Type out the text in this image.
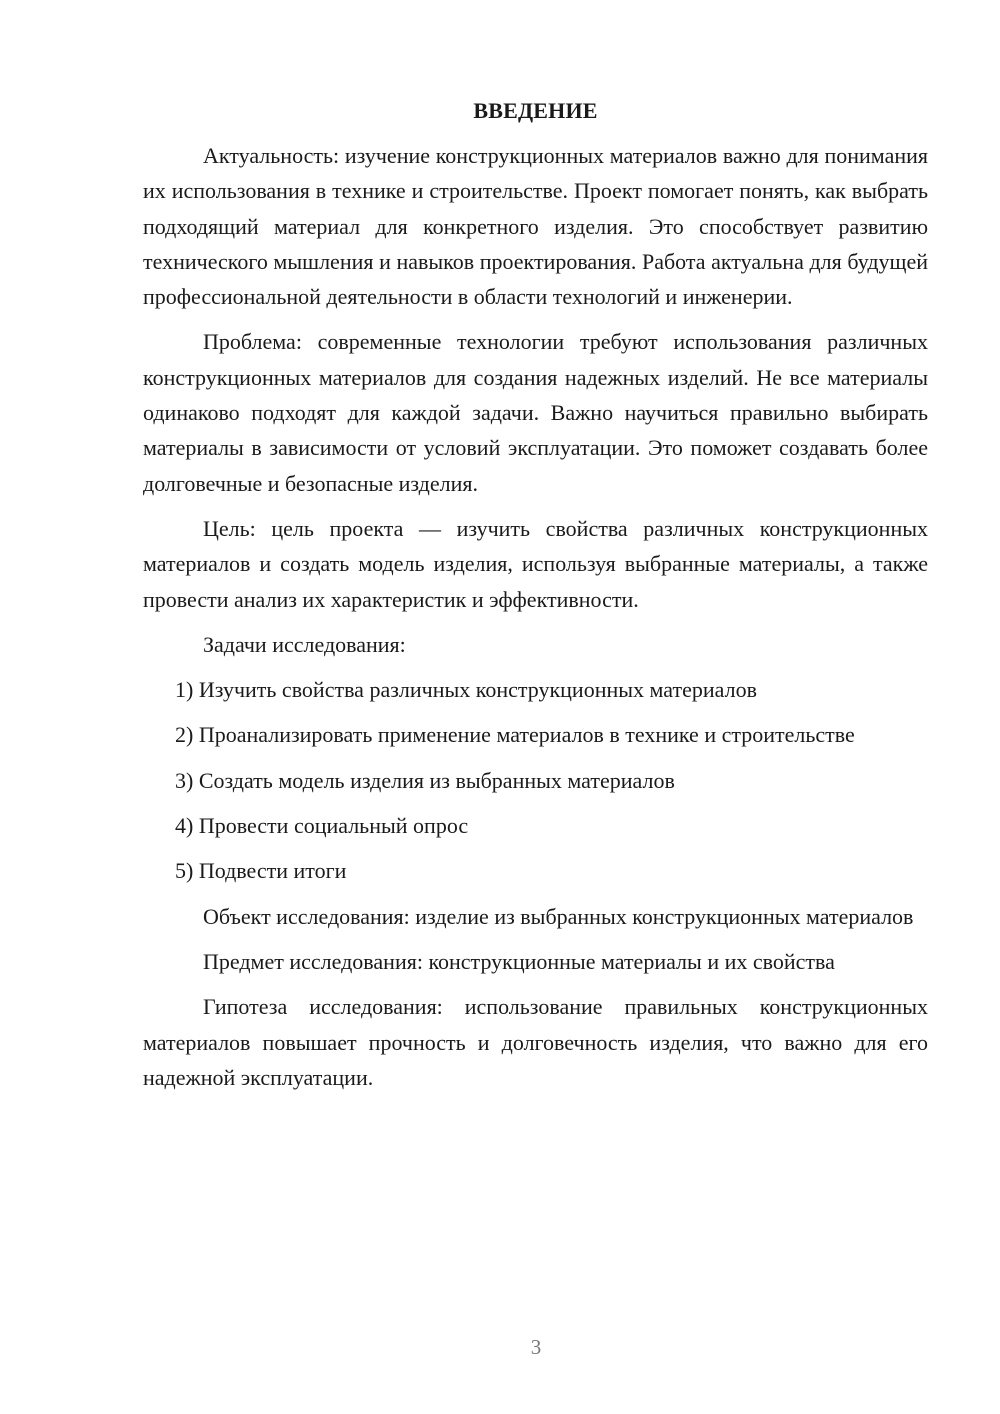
ВВЕДЕНИЕ

Актуальность: изучение конструкционных материалов важно для понимания их использования в технике и строительстве. Проект помогает понять, как выбрать подходящий материал для конкретного изделия. Это способствует развитию технического мышления и навыков проектирования. Работа актуальна для будущей профессиональной деятельности в области технологий и инженерии.

Проблема: современные технологии требуют использования различных конструкционных материалов для создания надежных изделий. Не все материалы одинаково подходят для каждой задачи. Важно научиться правильно выбирать материалы в зависимости от условий эксплуатации. Это поможет создавать более долговечные и безопасные изделия.

Цель: цель проекта — изучить свойства различных конструкционных материалов и создать модель изделия, используя выбранные материалы, а также провести анализ их характеристик и эффективности.

Задачи исследования:

1) Изучить свойства различных конструкционных материалов

2) Проанализировать применение материалов в технике и строительстве

3) Создать модель изделия из выбранных материалов

4) Провести социальный опрос

5) Подвести итоги

Объект исследования: изделие из выбранных конструкционных материалов

Предмет исследования: конструкционные материалы и их свойства

Гипотеза исследования: использование правильных конструкционных материалов повышает прочность и долговечность изделия, что важно для его надежной эксплуатации.

3
